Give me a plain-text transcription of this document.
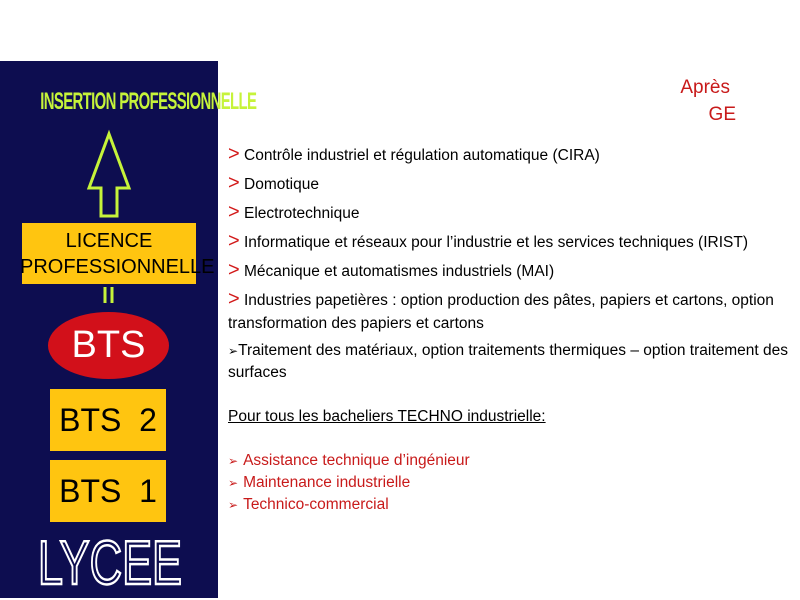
INSERTION PROFESSIONNELLE
LICENCE
PROFESSIONNELLE
BTS
BTS  2
BTS  1
LYCEE
Après
GE
> Contrôle industriel et régulation automatique (CIRA)
> Domotique
> Electrotechnique
> Informatique et réseaux pour l’industrie et les services techniques (IRIST)
> Mécanique et automatismes industriels (MAI)
> Industries papetières : option production des pâtes, papiers et cartons, option transformation des papiers et cartons
➢Traitement des matériaux, option traitements thermiques – option traitement des surfaces
Pour tous les bacheliers TECHNO industrielle:
➢ Assistance technique d’ingénieur
➢ Maintenance industrielle
➢ Technico-commercial
